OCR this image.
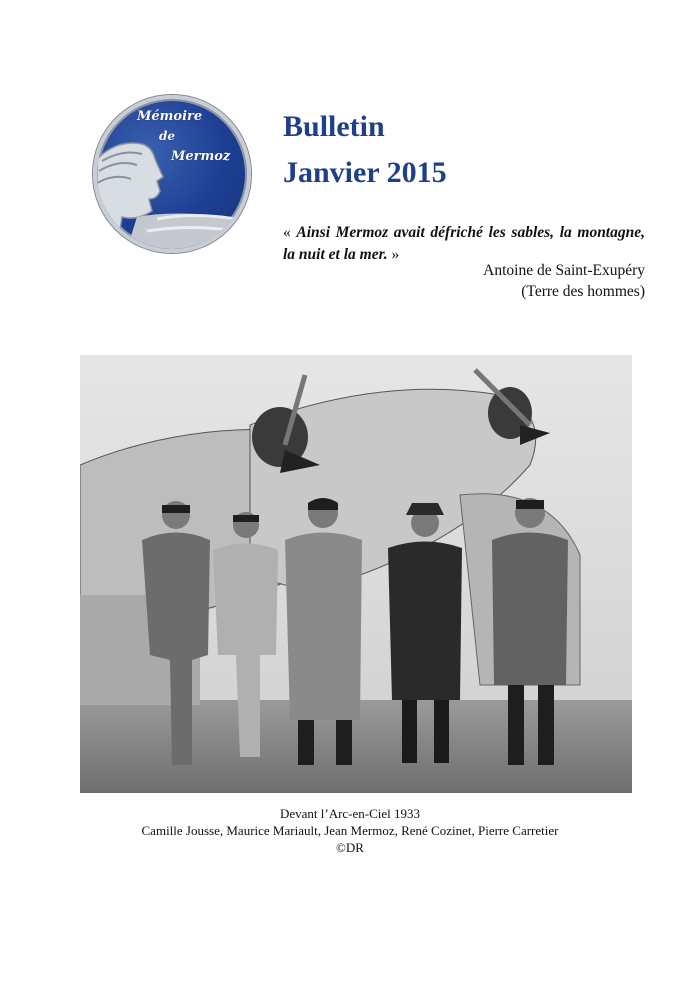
Mémoire
de
Mermoz
Bulletin
Janvier 2015

« Ainsi Mermoz avait défriché les sables, la montagne, la nuit et la mer. »

Antoine de Saint-Exupéry

(Terre des hommes)

Devant l’Arc-en-Ciel 1933

Camille Jousse, Maurice Mariault, Jean Mermoz, René Cozinet, Pierre Carretier

©DR
